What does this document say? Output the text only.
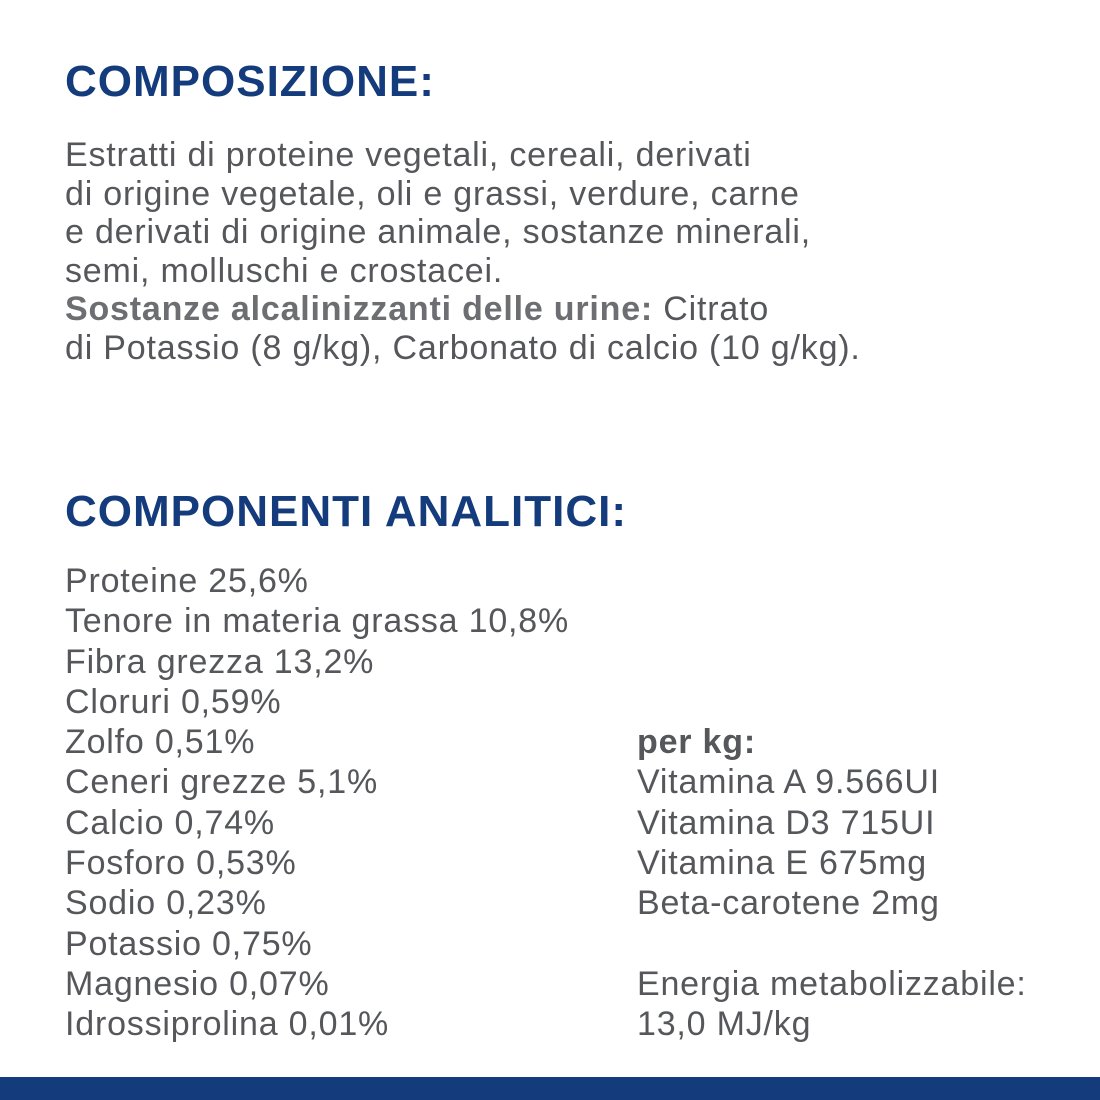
COMPOSIZIONE:
Estratti di proteine vegetali, cereali, derivati
di origine vegetale, oli e grassi, verdure, carne
e derivati di origine animale, sostanze minerali,
semi, molluschi e crostacei.
Sostanze alcalinizzanti delle urine: Citrato
di Potassio (8 g/kg), Carbonato di calcio (10 g/kg).
COMPONENTI ANALITICI:
Proteine 25,6%
Tenore in materia grassa 10,8%
Fibra grezza 13,2%
Cloruri 0,59%
Zolfo 0,51%
Ceneri grezze 5,1%
Calcio 0,74%
Fosforo 0,53%
Sodio 0,23%
Potassio 0,75%
Magnesio 0,07%
Idrossiprolina 0,01%
per kg:
Vitamina A 9.566UI
Vitamina D3 715UI
Vitamina E 675mg
Beta-carotene 2mg
Energia metabolizzabile:
13,0 MJ/kg
